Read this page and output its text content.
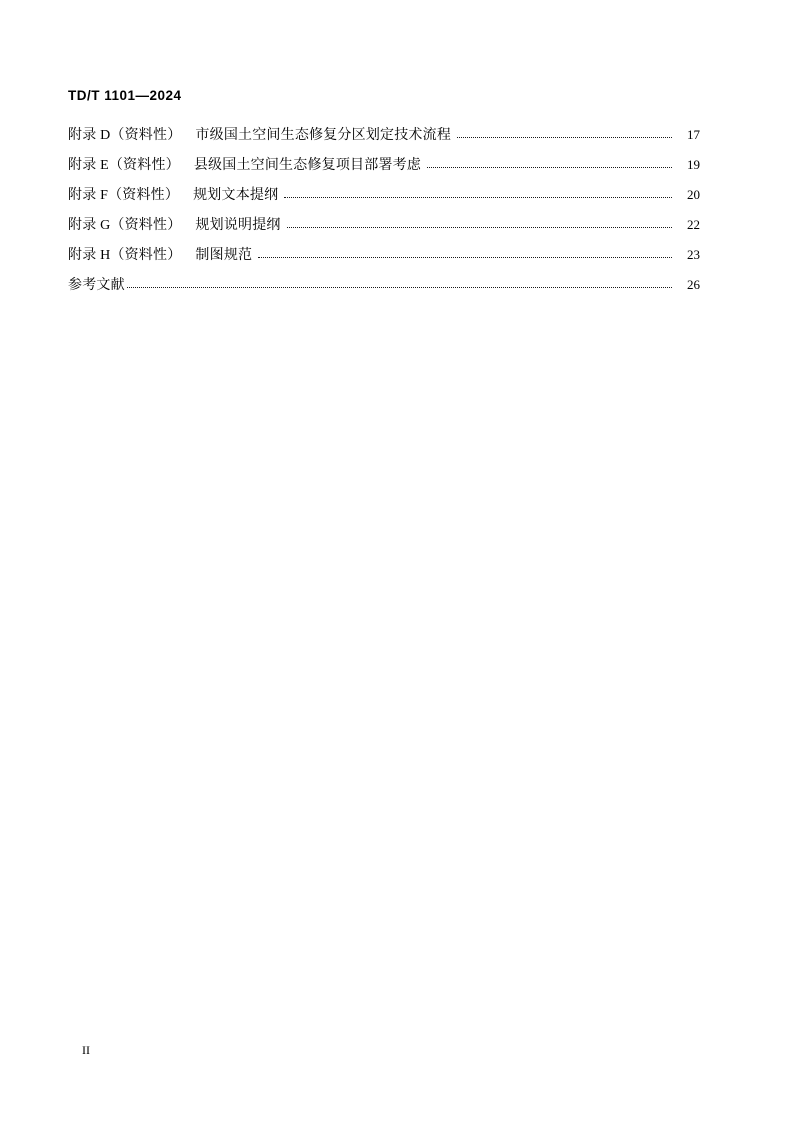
TD/T 1101—2024
附录 D（资料性） 市级国土空间生态修复分区划定技术流程	17
附录 E（资料性） 县级国土空间生态修复项目部署考虑	19
附录 F（资料性） 规划文本提纲	20
附录 G（资料性） 规划说明提纲	22
附录 H（资料性） 制图规范	23
参考文献	26
II
